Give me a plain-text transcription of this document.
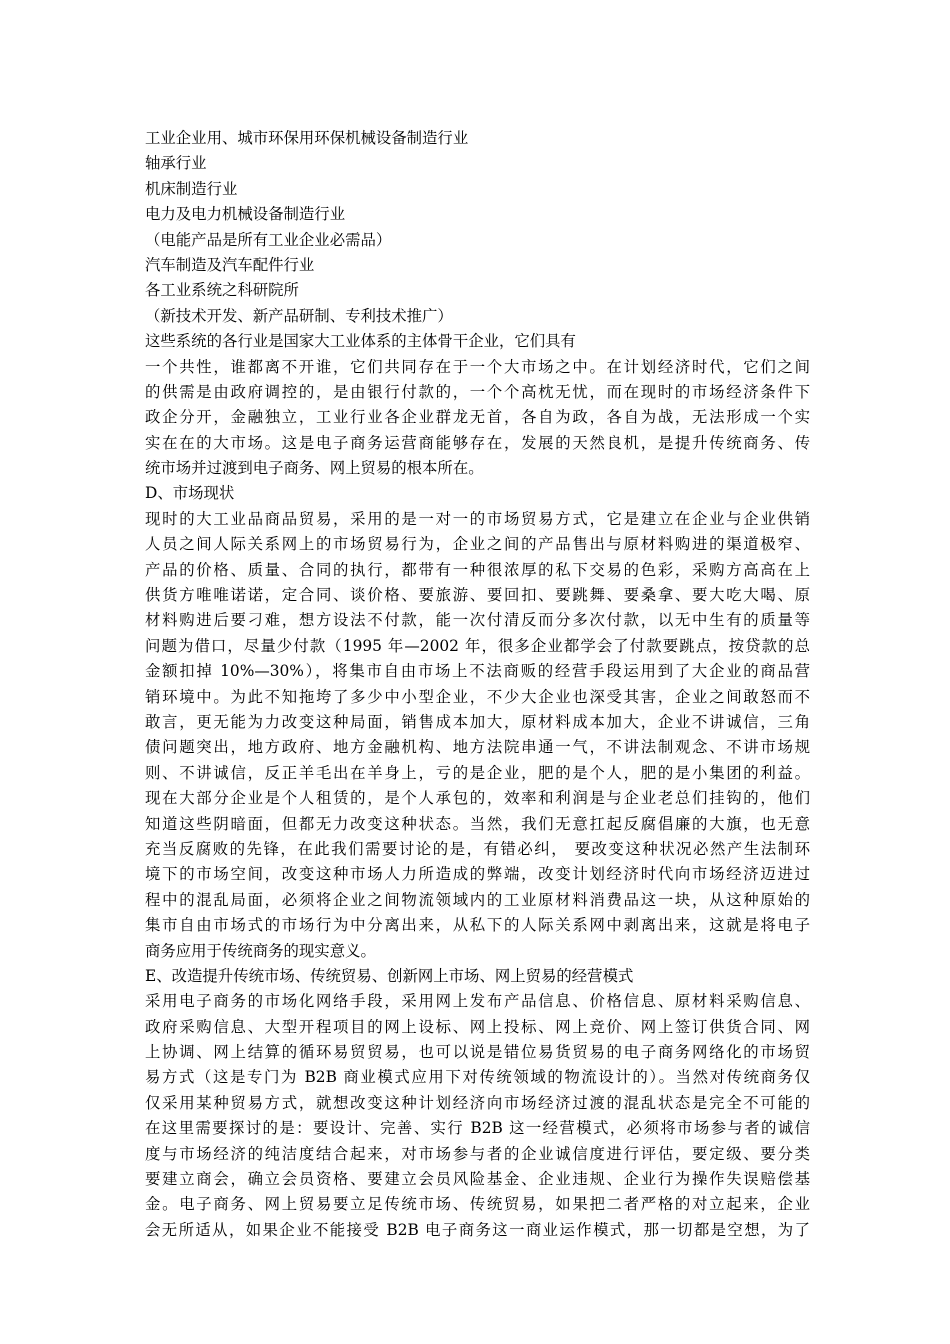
工业企业用、城市环保用环保机械设备制造行业
轴承行业
机床制造行业
电力及电力机械设备制造行业
（电能产品是所有工业企业必需品）
汽车制造及汽车配件行业
各工业系统之科研院所
（新技术开发、新产品研制、专利技术推广）
这些系统的各行业是国家大工业体系的主体骨干企业，它们具有
一个共性，谁都离不开谁，它们共同存在于一个大市场之中。在计划经济时代，它们之间
的供需是由政府调控的，是由银行付款的，一个个高枕无忧，而在现时的市场经济条件下
政企分开，金融独立，工业行业各企业群龙无首，各自为政，各自为战，无法形成一个实
实在在的大市场。这是电子商务运营商能够存在，发展的天然良机，是提升传统商务、传
统市场并过渡到电子商务、网上贸易的根本所在。
D、市场现状
现时的大工业品商品贸易，采用的是一对一的市场贸易方式，它是建立在企业与企业供销
人员之间人际关系网上的市场贸易行为，企业之间的产品售出与原材料购进的渠道极窄、
产品的价格、质量、合同的执行，都带有一种很浓厚的私下交易的色彩，采购方高高在上
供货方唯唯诺诺，定合同、谈价格、要旅游、要回扣、要跳舞、要桑拿、要大吃大喝、原
材料购进后要刁难，想方设法不付款，能一次付清反而分多次付款，以无中生有的质量等
问题为借口，尽量少付款（1995 年—2002 年，很多企业都学会了付款要跳点，按贷款的总
金额扣掉 10%—30%），将集市自由市场上不法商贩的经营手段运用到了大企业的商品营
销环境中。为此不知拖垮了多少中小型企业，不少大企业也深受其害，企业之间敢怒而不
敢言，更无能为力改变这种局面，销售成本加大，原材料成本加大，企业不讲诚信，三角
债问题突出，地方政府、地方金融机构、地方法院串通一气，不讲法制观念、不讲市场规
则、不讲诚信，反正羊毛出在羊身上，亏的是企业，肥的是个人，肥的是小集团的利益。
现在大部分企业是个人租赁的，是个人承包的，效率和利润是与企业老总们挂钩的，他们
知道这些阴暗面，但都无力改变这种状态。当然，我们无意扛起反腐倡廉的大旗，也无意
充当反腐败的先锋，在此我们需要讨论的是，有错必纠， 要改变这种状况必然产生法制环
境下的市场空间，改变这种市场人力所造成的弊端，改变计划经济时代向市场经济迈进过
程中的混乱局面，必须将企业之间物流领域内的工业原材料消费品这一块，从这种原始的
集市自由市场式的市场行为中分离出来，从私下的人际关系网中剥离出来，这就是将电子
商务应用于传统商务的现实意义。
E、改造提升传统市场、传统贸易、创新网上市场、网上贸易的经营模式
采用电子商务的市场化网络手段，采用网上发布产品信息、价格信息、原材料采购信息、
政府采购信息、大型开程项目的网上设标、网上投标、网上竞价、网上签订供货合同、网
上协调、网上结算的循环易贸贸易，也可以说是错位易货贸易的电子商务网络化的市场贸
易方式（这是专门为 B2B 商业模式应用下对传统领域的物流设计的）。当然对传统商务仅
仅采用某种贸易方式，就想改变这种计划经济向市场经济过渡的混乱状态是完全不可能的
在这里需要探讨的是：要设计、完善、实行 B2B 这一经营模式，必须将市场参与者的诚信
度与市场经济的纯洁度结合起来，对市场参与者的企业诚信度进行评估，要定级、要分类
要建立商会，确立会员资格、要建立会员风险基金、企业违规、企业行为操作失误赔偿基
金。电子商务、网上贸易要立足传统市场、传统贸易，如果把二者严格的对立起来，企业
会无所适从，如果企业不能接受 B2B 电子商务这一商业运作模式，那一切都是空想，为了
